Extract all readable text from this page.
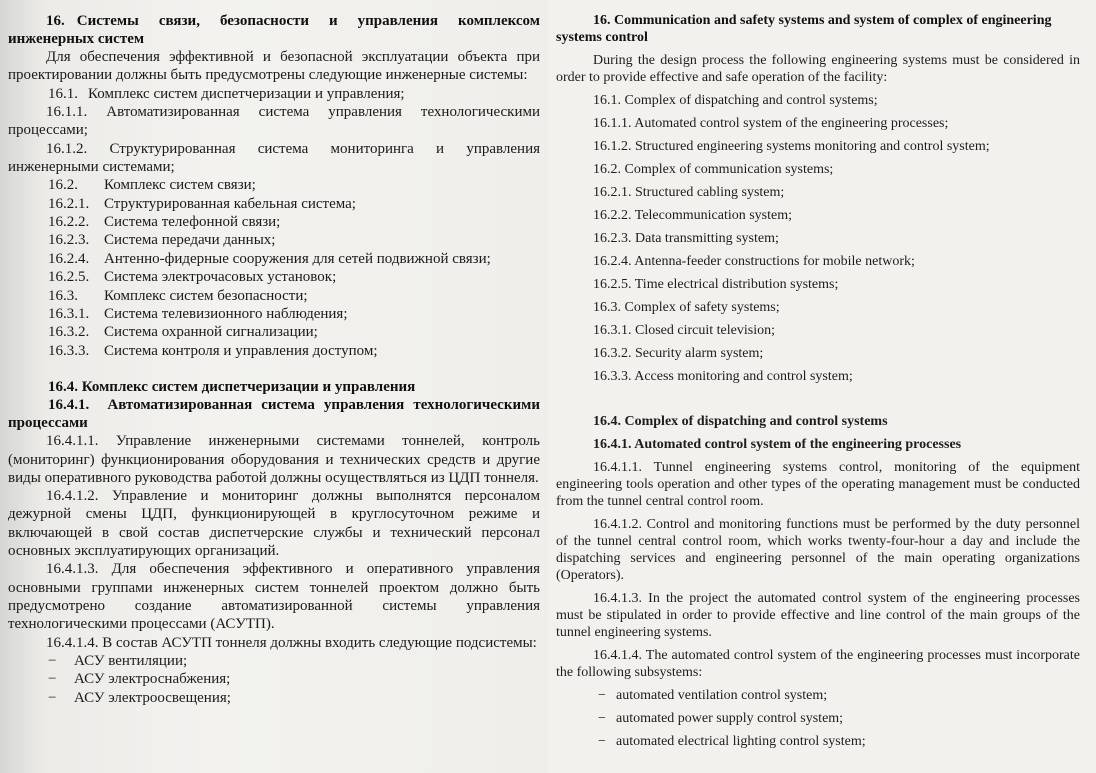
16. Системы связи, безопасности и управления комплексом инженерных систем

Для обеспечения эффективной и безопасной эксплуатации объекта при проектировании должны быть предусмотрены следующие инженерные системы:

16.1. Комплекс систем диспетчеризации и управления;

16.1.1. Автоматизированная система управления технологическими процессами;

16.1.2. Структурированная система мониторинга и управления инженерными системами;

16.2. Комплекс систем связи;

16.2.1. Структурированная кабельная система;

16.2.2. Система телефонной связи;

16.2.3. Система передачи данных;

16.2.4. Антенно-фидерные сооружения для сетей подвижной связи;

16.2.5. Система электрочасовых установок;

16.3. Комплекс систем безопасности;

16.3.1. Система телевизионного наблюдения;

16.3.2. Система охранной сигнализации;

16.3.3. Система контроля и управления доступом;

16.4. Комплекс систем диспетчеризации и управления

16.4.1. Автоматизированная система управления технологическими процессами

16.4.1.1. Управление инженерными системами тоннелей, контроль (мониторинг) функционирования оборудования и технических средств и другие виды оперативного руководства работой должны осуществляться из ЦДП тоннеля.

16.4.1.2. Управление и мониторинг должны выполнятся персоналом дежурной смены ЦДП, функционирующей в круглосуточном режиме и включающей в свой состав диспетчерские службы и технический персонал основных эксплуатирующих организаций.

16.4.1.3. Для обеспечения эффективного и оперативного управления основными группами инженерных систем тоннелей проектом должно быть предусмотрено создание автоматизированной системы управления технологическими процессами (АСУТП).

16.4.1.4. В состав АСУТП тоннеля должны входить следующие подсистемы:

− АСУ вентиляции;

− АСУ электроснабжения;

− АСУ электроосвещения;

16. Communication and safety systems and system of complex of engineering systems control

During the design process the following engineering systems must be considered in order to provide effective and safe operation of the facility:

16.1. Complex of dispatching and control systems;

16.1.1. Automated control system of the engineering processes;

16.1.2. Structured engineering systems monitoring and control system;

16.2. Complex of communication systems;

16.2.1. Structured cabling system;

16.2.2. Telecommunication system;

16.2.3. Data transmitting system;

16.2.4. Antenna-feeder constructions for mobile network;

16.2.5. Time electrical distribution systems;

16.3. Complex of safety systems;

16.3.1. Closed circuit television;

16.3.2. Security alarm system;

16.3.3. Access monitoring and control system;

16.4. Complex of dispatching and control systems

16.4.1. Automated control system of the engineering processes

16.4.1.1. Tunnel engineering systems control, monitoring of the equipment engineering tools operation and other types of the operating management must be conducted from the tunnel central control room.

16.4.1.2. Control and monitoring functions must be performed by the duty personnel of the tunnel central control room, which works twenty-four-hour a day and include the dispatching services and engineering personnel of the main operating organizations (Operators).

16.4.1.3. In the project the automated control system of the engineering processes must be stipulated in order to provide effective and line control of the main groups of the tunnel engineering systems.

16.4.1.4. The automated control system of the engineering processes must incorporate the following subsystems:

− automated ventilation control system;

− automated power supply control system;

− automated electrical lighting control system;
